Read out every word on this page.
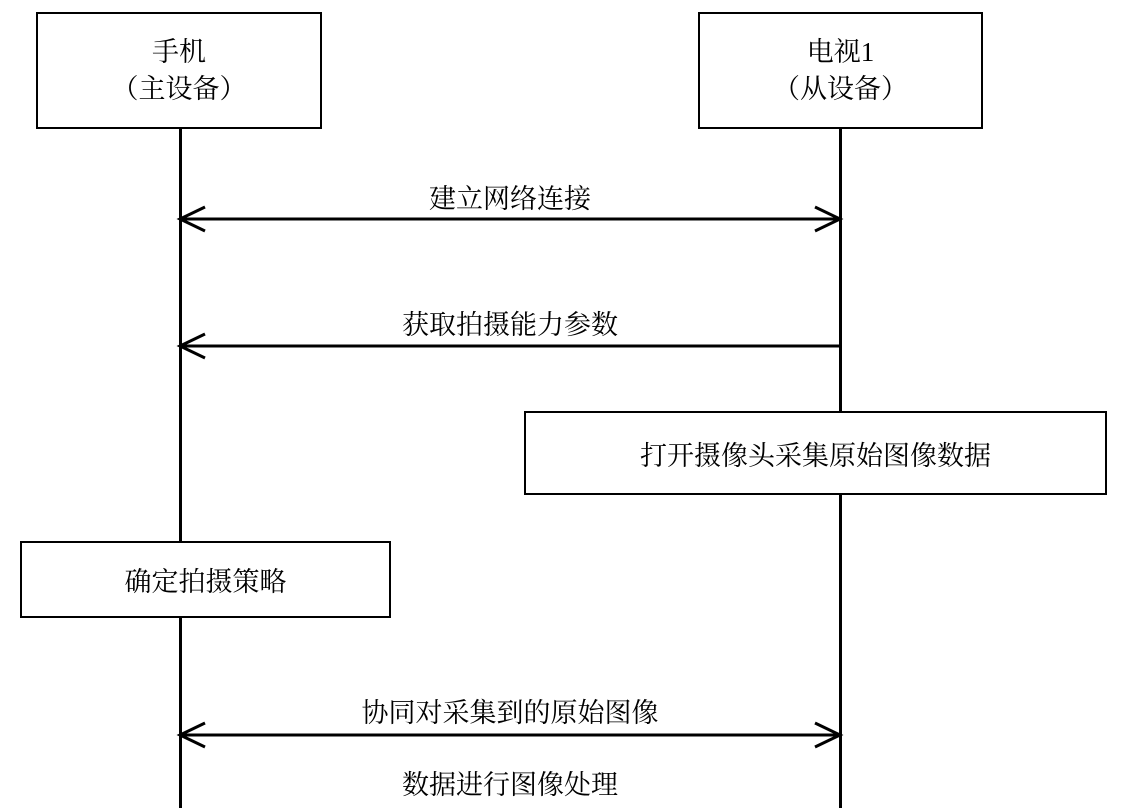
手机
（主设备）
电视1
（从设备）
建立网络连接
获取拍摄能力参数
协同对采集到的原始图像
数据进行图像处理
打开摄像头采集原始图像数据
确定拍摄策略
